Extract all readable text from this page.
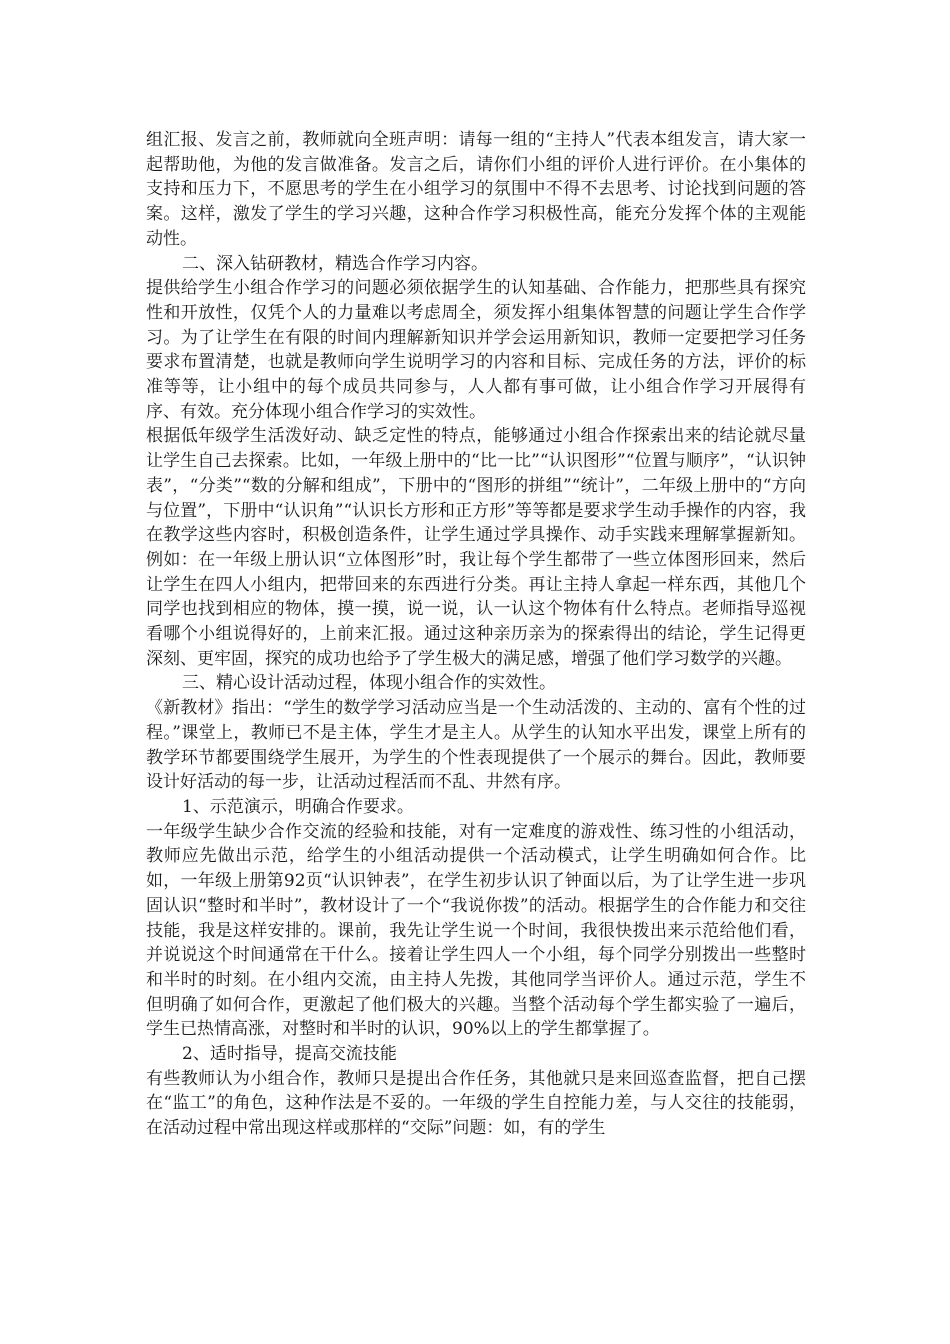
组汇报、发言之前，教师就向全班声明：请每一组的“主持人”代表本组发言，请大家一起帮助他，为他的发言做准备。发言之后，请你们小组的评价人进行评价。在小集体的支持和压力下，不愿思考的学生在小组学习的氛围中不得不去思考、讨论找到问题的答案。这样，激发了学生的学习兴趣，这种合作学习积极性高，能充分发挥个体的主观能动性。

二、深入钻研教材，精选合作学习内容。

提供给学生小组合作学习的问题必须依据学生的认知基础、合作能力，把那些具有探究性和开放性，仅凭个人的力量难以考虑周全，须发挥小组集体智慧的问题让学生合作学习。为了让学生在有限的时间内理解新知识并学会运用新知识，教师一定要把学习任务要求布置清楚，也就是教师向学生说明学习的内容和目标、完成任务的方法，评价的标准等等，让小组中的每个成员共同参与，人人都有事可做，让小组合作学习开展得有序、有效。充分体现小组合作学习的实效性。

根据低年级学生活泼好动、缺乏定性的特点，能够通过小组合作探索出来的结论就尽量让学生自己去探索。比如，一年级上册中的“比一比”“认识图形”“位置与顺序”，“认识钟表”，“分类”“数的分解和组成”，下册中的“图形的拼组”“统计”，二年级上册中的“方向与位置”，下册中“认识角”“认识长方形和正方形”等等都是要求学生动手操作的内容，我在教学这些内容时，积极创造条件，让学生通过学具操作、动手实践来理解掌握新知。例如：在一年级上册认识“立体图形”时，我让每个学生都带了一些立体图形回来，然后让学生在四人小组内，把带回来的东西进行分类。再让主持人拿起一样东西，其他几个同学也找到相应的物体，摸一摸，说一说，认一认这个物体有什么特点。老师指导巡视看哪个小组说得好的，上前来汇报。通过这种亲历亲为的探索得出的结论，学生记得更深刻、更牢固，探究的成功也给予了学生极大的满足感，增强了他们学习数学的兴趣。

三、精心设计活动过程，体现小组合作的实效性。

《新教材》指出：“学生的数学学习活动应当是一个生动活泼的、主动的、富有个性的过程。”课堂上，教师已不是主体，学生才是主人。从学生的认知水平出发，课堂上所有的教学环节都要围绕学生展开，为学生的个性表现提供了一个展示的舞台。因此，教师要设计好活动的每一步，让活动过程活而不乱、井然有序。

1、示范演示，明确合作要求。

一年级学生缺少合作交流的经验和技能，对有一定难度的游戏性、练习性的小组活动，教师应先做出示范，给学生的小组活动提供一个活动模式，让学生明确如何合作。比如，一年级上册第92页“认识钟表”，在学生初步认识了钟面以后，为了让学生进一步巩固认识“整时和半时”，教材设计了一个“我说你拨”的活动。根据学生的合作能力和交往技能，我是这样安排的。课前，我先让学生说一个时间，我很快拨出来示范给他们看，并说说这个时间通常在干什么。接着让学生四人一个小组，每个同学分别拨出一些整时和半时的时刻。在小组内交流，由主持人先拨，其他同学当评价人。通过示范，学生不但明确了如何合作，更激起了他们极大的兴趣。当整个活动每个学生都实验了一遍后，学生已热情高涨，对整时和半时的认识，90%以上的学生都掌握了。

2、适时指导，提高交流技能

有些教师认为小组合作，教师只是提出合作任务，其他就只是来回巡查监督，把自己摆在“监工”的角色，这种作法是不妥的。一年级的学生自控能力差，与人交往的技能弱，在活动过程中常出现这样或那样的“交际”问题：如，有的学生
